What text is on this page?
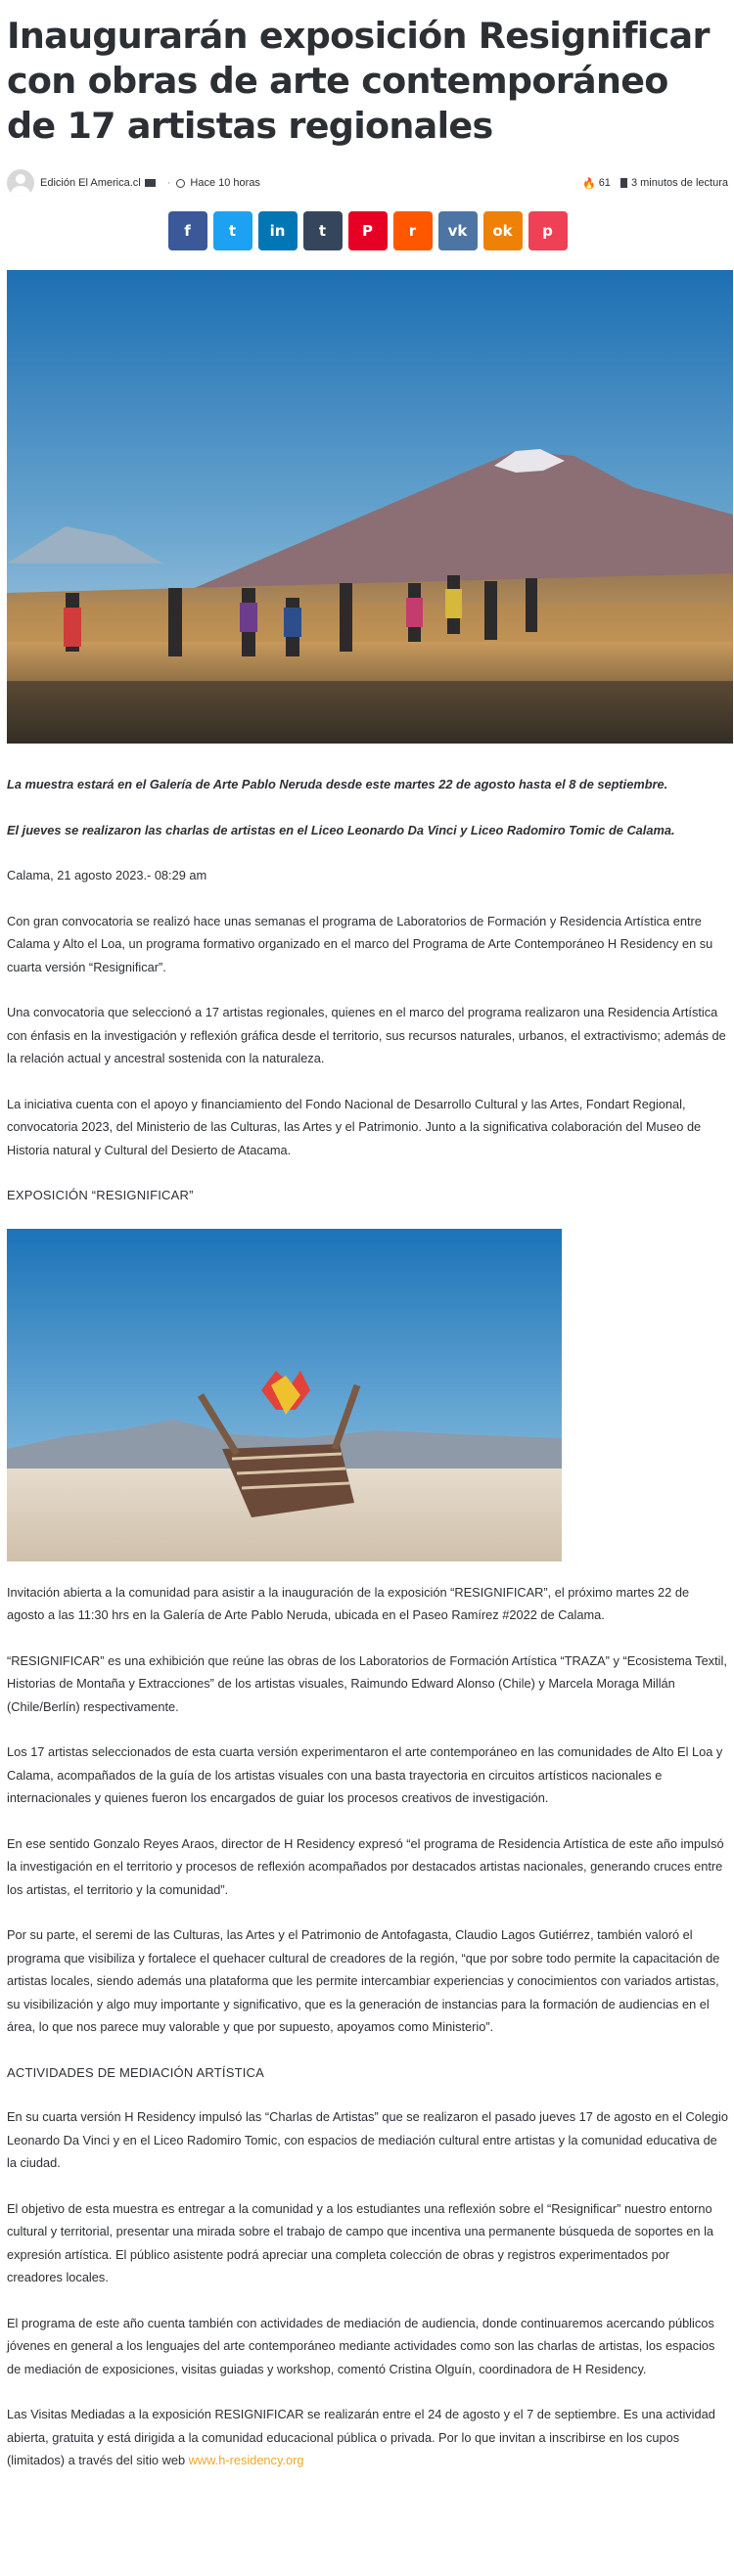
Inaugurarán exposición Resignificar con obras de arte contemporáneo de 17 artistas regionales
Edición El America.cl · Hace 10 horas	🔥 61 3 minutos de lectura
f	t in t P r vk ok p

La muestra estará en el Galería de Arte Pablo Neruda desde este martes 22 de agosto hasta el 8 de septiembre.

El jueves se realizaron las charlas de artistas en el Liceo Leonardo Da Vinci y Liceo Radomiro Tomic de Calama.

Calama, 21 agosto 2023.- 08:29 am

Con gran convocatoria se realizó hace unas semanas el programa de Laboratorios de Formación y Residencia Artística entre Calama y Alto el Loa, un programa formativo organizado en el marco del Programa de Arte Contemporáneo H Residency en su cuarta versión “Resignificar”.

Una convocatoria que seleccionó a 17 artistas regionales, quienes en el marco del programa realizaron una Residencia Artística con énfasis en la investigación y reflexión gráfica desde el territorio, sus recursos naturales, urbanos, el extractivismo; además de la relación actual y ancestral sostenida con la naturaleza.

La iniciativa cuenta con el apoyo y financiamiento del Fondo Nacional de Desarrollo Cultural y las Artes, Fondart Regional, convocatoria 2023, del Ministerio de las Culturas, las Artes y el Patrimonio. Junto a la significativa colaboración del Museo de Historia natural y Cultural del Desierto de Atacama.

EXPOSICIÓN “RESIGNIFICAR”

Invitación abierta a la comunidad para asistir a la inauguración de la exposición “RESIGNIFICAR”, el próximo martes 22 de agosto a las 11:30 hrs en la Galería de Arte Pablo Neruda, ubicada en el Paseo Ramírez #2022 de Calama.

“RESIGNIFICAR” es una exhibición que reúne las obras de los Laboratorios de Formación Artística “TRAZA” y “Ecosistema Textil, Historias de Montaña y Extracciones” de los artistas visuales, Raimundo Edward Alonso (Chile) y Marcela Moraga Millán (Chile/Berlín) respectivamente.

Los 17 artistas seleccionados de esta cuarta versión experimentaron el arte contemporáneo en las comunidades de Alto El Loa y Calama, acompañados de la guía de los artistas visuales con una basta trayectoria en circuitos artísticos nacionales e internacionales y quienes fueron los encargados de guiar los procesos creativos de investigación.

En ese sentido Gonzalo Reyes Araos, director de H Residency expresó “el programa de Residencia Artística de este año impulsó la investigación en el territorio y procesos de reflexión acompañados por destacados artistas nacionales, generando cruces entre los artistas, el territorio y la comunidad”.

Por su parte, el seremi de las Culturas, las Artes y el Patrimonio de Antofagasta, Claudio Lagos Gutiérrez, también valoró el programa que visibiliza y fortalece el quehacer cultural de creadores de la región, “que por sobre todo permite la capacitación de artistas locales, siendo además una plataforma que les permite intercambiar experiencias y conocimientos con variados artistas, su visibilización y algo muy importante y significativo, que es la generación de instancias para la formación de audiencias en el área, lo que nos parece muy valorable y que por supuesto, apoyamos como Ministerio”.

ACTIVIDADES DE MEDIACIÓN ARTÍSTICA

En su cuarta versión H Residency impulsó las “Charlas de Artistas” que se realizaron el pasado jueves 17 de agosto en el Colegio Leonardo Da Vinci y en el Liceo Radomiro Tomic, con espacios de mediación cultural entre artistas y la comunidad educativa de la ciudad.

El objetivo de esta muestra es entregar a la comunidad y a los estudiantes una reflexión sobre el “Resignificar” nuestro entorno cultural y territorial, presentar una mirada sobre el trabajo de campo que incentiva una permanente búsqueda de soportes en la expresión artística. El público asistente podrá apreciar una completa colección de obras y registros experimentados por creadores locales.

El programa de este año cuenta también con actividades de mediación de audiencia, donde continuaremos acercando públicos jóvenes en general a los lenguajes del arte contemporáneo mediante actividades como son las charlas de artistas, los espacios de mediación de exposiciones, visitas guiadas y workshop, comentó Cristina Olguín, coordinadora de H Residency.

Las Visitas Mediadas a la exposición RESIGNIFICAR se realizarán entre el 24 de agosto y el 7 de septiembre. Es una actividad abierta, gratuita y está dirigida a la comunidad educacional pública o privada. Por lo que invitan a inscribirse en los cupos (limitados) a través del sitio web www.h-residency.org
